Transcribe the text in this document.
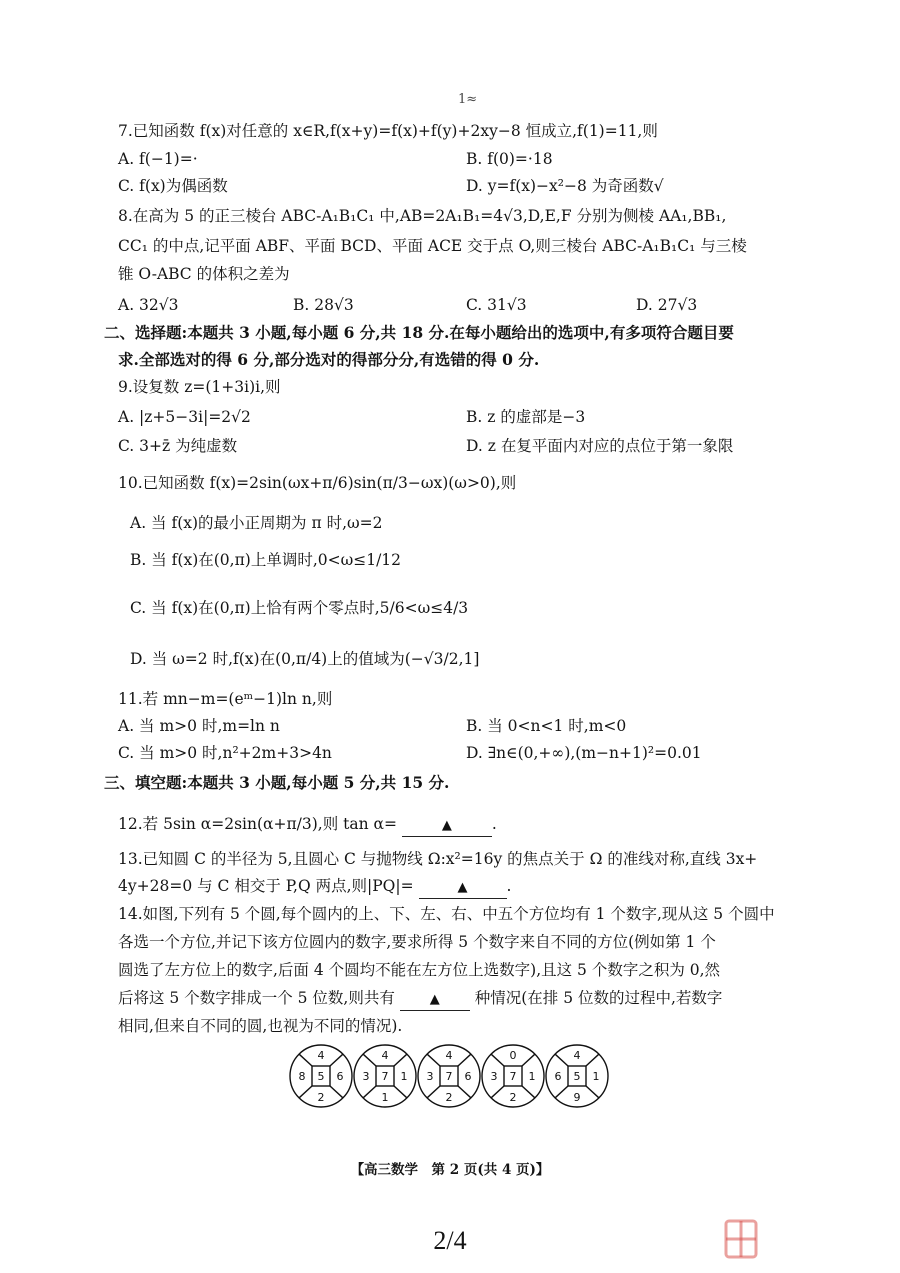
1≈
7.已知函数 f(x)对任意的 x∈R,f(x+y)=f(x)+f(y)+2xy−8 恒成立,f(1)=11,则
A. f(−1)=·	B. f(0)=·18
C. f(x)为偶函数	D. y=f(x)−x²−8 为奇函数√
8.在高为 5 的正三棱台 ABC-A₁B₁C₁ 中,AB=2A₁B₁=4√3,D,E,F 分别为侧棱 AA₁,BB₁,
CC₁ 的中点,记平面 ABF、平面 BCD、平面 ACE 交于点 O,则三棱台 ABC-A₁B₁C₁ 与三棱
锥 O-ABC 的体积之差为
A. 32√3	B. 28√3	C. 31√3	D. 27√3
二、选择题:本题共 3 小题,每小题 6 分,共 18 分.在每小题给出的选项中,有多项符合题目要
求.全部选对的得 6 分,部分选对的得部分分,有选错的得 0 分.
9.设复数 z=(1+3i)i,则
A. |z+5−3i|=2√2	B. z 的虚部是−3
C. 3+z̄ 为纯虚数	D. z 在复平面内对应的点位于第一象限
10.已知函数 f(x)=2sin(ωx+π/6)sin(π/3−ωx)(ω>0),则
A. 当 f(x)的最小正周期为 π 时,ω=2
B. 当 f(x)在(0,π)上单调时,0<ω≤1/12
C. 当 f(x)在(0,π)上恰有两个零点时,5/6<ω≤4/3
D. 当 ω=2 时,f(x)在(0,π/4)上的值域为(−√3/2,1]
11.若 mn−m=(eᵐ−1)ln n,则
A. 当 m>0 时,m=ln n	B. 当 0<n<1 时,m<0
C. 当 m>0 时,n²+2m+3>4n	D. ∃n∈(0,+∞),(m−n+1)²=0.01
三、填空题:本题共 3 小题,每小题 5 分,共 15 分.
12.若 5sin α=2sin(α+π/3),则 tan α=	▲	.
13.已知圆 C 的半径为 5,且圆心 C 与抛物线 Ω:x²=16y 的焦点关于 Ω 的准线对称,直线 3x+
4y+28=0 与 C 相交于 P,Q 两点,则|PQ|=	▲	.
14.如图,下列有 5 个圆,每个圆内的上、下、左、右、中五个方位均有 1 个数字,现从这 5 个圆中
各选一个方位,并记下该方位圆内的数字,要求所得 5 个数字来自不同的方位(例如第 1 个
圆选了左方位上的数字,后面 4 个圆均不能在左方位上选数字),且这 5 个数字之积为 0,然
后将这 5 个数字排成一个 5 位数,则共有	▲ 种情况(在排 5 位数的过程中,若数字
相同,但来自不同的圆,也视为不同的情况).
4
2
8	6
5
4
1
3	1
7
4
2
3	6
7
0
2
3	1
7
4
9
6	1
5
【高三数学　第 2 页(共 4 页)】
2/4
